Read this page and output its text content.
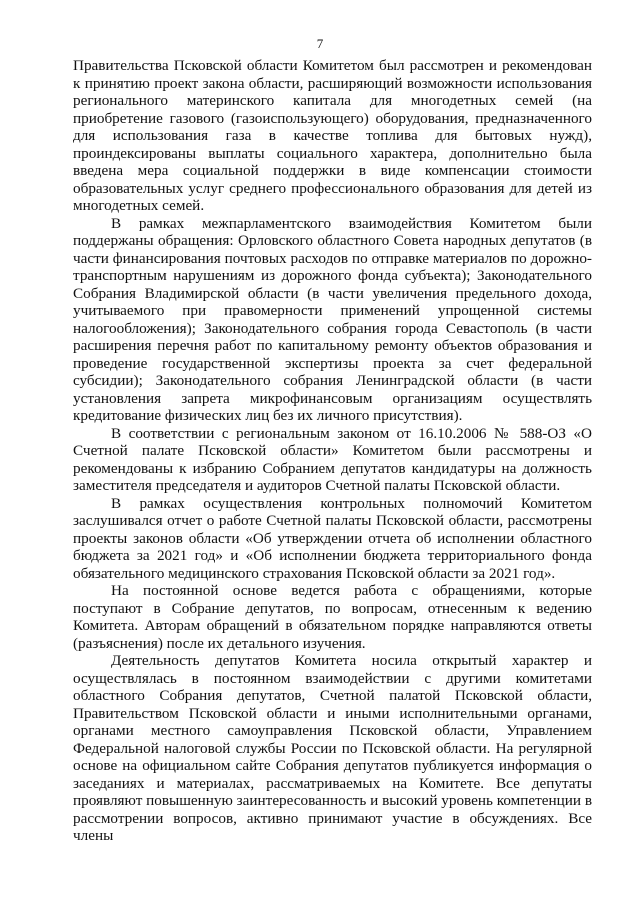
7

Правительства Псковской области Комитетом был рассмотрен и рекомендован к принятию проект закона области, расширяющий возможности использования регионального материнского капитала для многодетных семей (на приобретение газового (газоиспользующего) оборудования, предназначенного для использования газа в качестве топлива для бытовых нужд), проиндексированы выплаты социального характера, дополнительно была введена мера социальной поддержки в виде компенсации стоимости образовательных услуг среднего профессионального образования для детей из многодетных семей.

В рамках межпарламентского взаимодействия Комитетом были поддержаны обращения: Орловского областного Совета народных депутатов (в части финансирования почтовых расходов по отправке материалов по дорожно-транспортным нарушениям из дорожного фонда субъекта); Законодательного Собрания Владимирской области (в части увеличения предельного дохода, учитываемого при правомерности применений упрощенной системы налогообложения); Законодательного собрания города Севастополь (в части расширения перечня работ по капитальному ремонту объектов образования и проведение государственной экспертизы проекта за счет федеральной субсидии); Законодательного собрания Ленинградской области (в части установления запрета микрофинансовым организациям осуществлять кредитование физических лиц без их личного присутствия).

В соответствии с региональным законом от 16.10.2006 № 588-ОЗ «О Счетной палате Псковской области» Комитетом были рассмотрены и рекомендованы к избранию Собранием депутатов кандидатуры на должность заместителя председателя и аудиторов Счетной палаты Псковской области.

В рамках осуществления контрольных полномочий Комитетом заслушивался отчет о работе Счетной палаты Псковской области, рассмотрены проекты законов области «Об утверждении отчета об исполнении областного бюджета за 2021 год» и «Об исполнении бюджета территориального фонда обязательного медицинского страхования Псковской области за 2021 год».

На постоянной основе ведется работа с обращениями, которые поступают в Собрание депутатов, по вопросам, отнесенным к ведению Комитета. Авторам обращений в обязательном порядке направляются ответы (разъяснения) после их детального изучения.

Деятельность депутатов Комитета носила открытый характер и осуществлялась в постоянном взаимодействии с другими комитетами областного Собрания депутатов, Счетной палатой Псковской области, Правительством Псковской области и иными исполнительными органами, органами местного самоуправления Псковской области, Управлением Федеральной налоговой службы России по Псковской области. На регулярной основе на официальном сайте Собрания депутатов публикуется информация о заседаниях и материалах, рассматриваемых на Комитете. Все депутаты проявляют повышенную заинтересованность и высокий уровень компетенции в рассмотрении вопросов, активно принимают участие в обсуждениях. Все члены
